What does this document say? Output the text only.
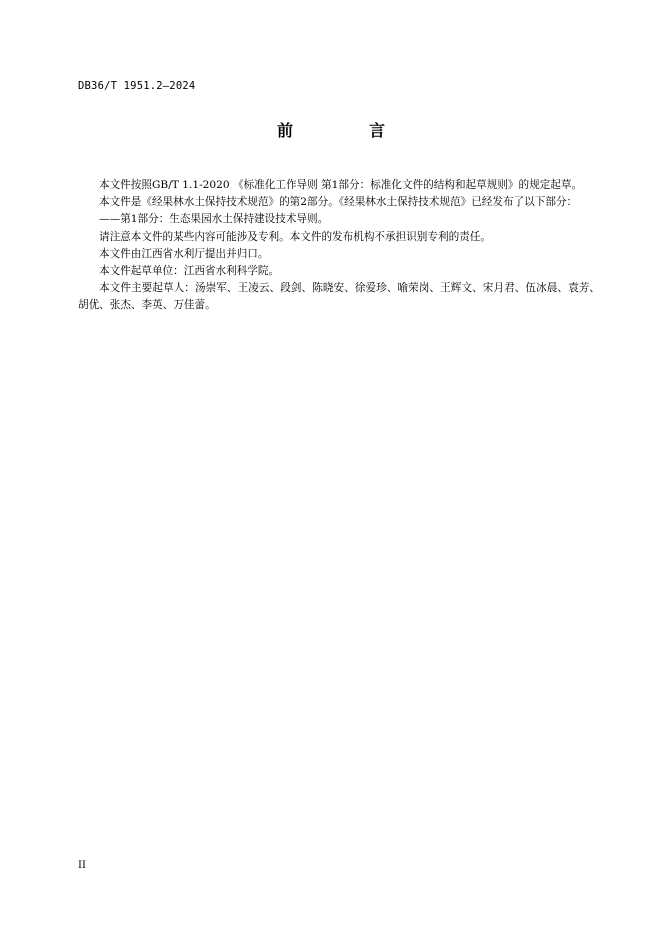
DB36/T 1951.2—2024
前　言

本文件按照GB/T 1.1-2020 《标准化工作导则 第1部分：标准化文件的结构和起草规则》的规定起草。

本文件是《经果林水土保持技术规范》的第2部分。《经果林水土保持技术规范》已经发布了以下部分：

——第1部分：生态果园水土保持建设技术导则。

请注意本文件的某些内容可能涉及专利。本文件的发布机构不承担识别专利的责任。

本文件由江西省水利厅提出并归口。

本文件起草单位：江西省水利科学院。

本文件主要起草人：汤崇军、王凌云、段剑、陈晓安、徐爱珍、喻荣岗、王辉文、宋月君、伍冰晨、袁芳、胡优、张杰、李英、万佳蕾。

II
